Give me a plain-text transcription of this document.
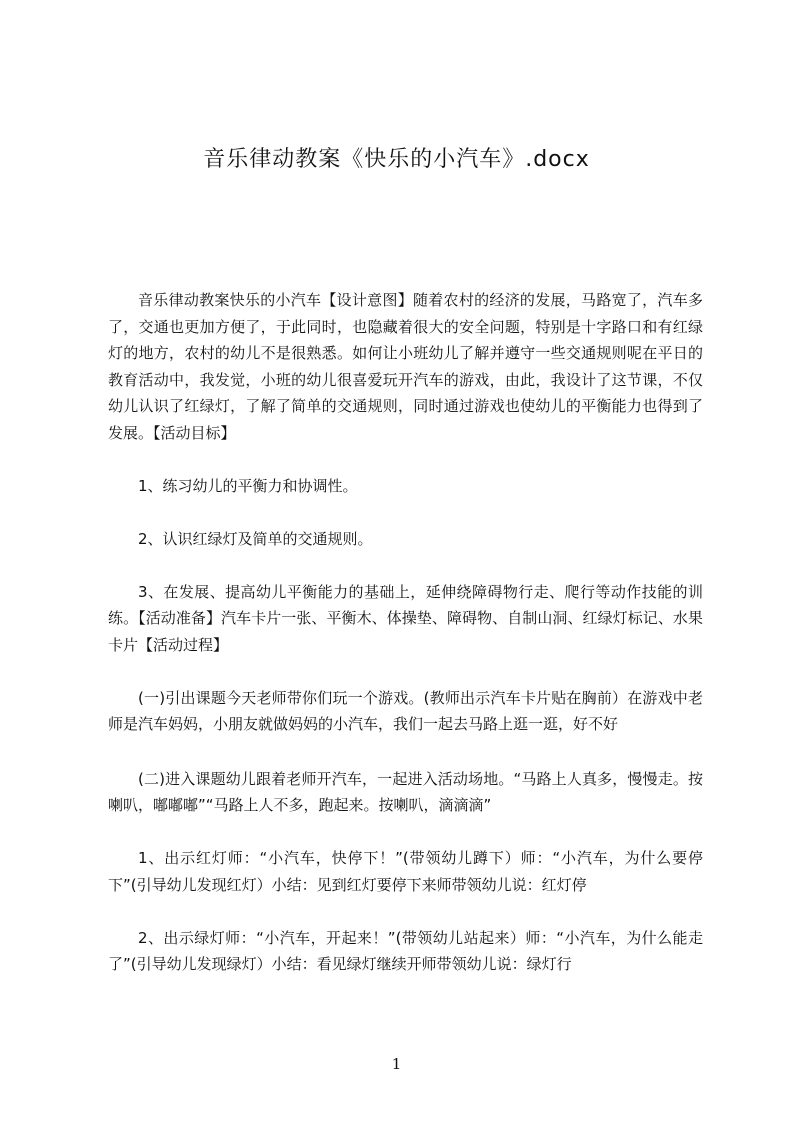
音乐律动教案《快乐的小汽车》.docx

音乐律动教案快乐的小汽车【设计意图】随着农村的经济的发展，马路宽了，汽车多了，交通也更加方便了，于此同时，也隐藏着很大的安全问题，特别是十字路口和有红绿灯的地方，农村的幼儿不是很熟悉。如何让小班幼儿了解并遵守一些交通规则呢在平日的教育活动中，我发觉，小班的幼儿很喜爱玩开汽车的游戏，由此，我设计了这节课，不仅幼儿认识了红绿灯，了解了简单的交通规则，同时通过游戏也使幼儿的平衡能力也得到了发展。【活动目标】

1、练习幼儿的平衡力和协调性。

2、认识红绿灯及简单的交通规则。

3、在发展、提高幼儿平衡能力的基础上，延伸绕障碍物行走、爬行等动作技能的训练。【活动准备】汽车卡片一张、平衡木、体操垫、障碍物、自制山洞、红绿灯标记、水果卡片【活动过程】

(一)引出课题今天老师带你们玩一个游戏。(教师出示汽车卡片贴在胸前）在游戏中老师是汽车妈妈，小朋友就做妈妈的小汽车，我们一起去马路上逛一逛，好不好

(二)进入课题幼儿跟着老师开汽车，一起进入活动场地。“马路上人真多，慢慢走。按喇叭，嘟嘟嘟”“马路上人不多，跑起来。按喇叭，滴滴滴”

1、出示红灯师：“小汽车，快停下！”(带领幼儿蹲下）师：“小汽车，为什么要停下”(引导幼儿发现红灯）小结：见到红灯要停下来师带领幼儿说：红灯停

2、出示绿灯师：“小汽车，开起来！”(带领幼儿站起来）师：“小汽车，为什么能走了”(引导幼儿发现绿灯）小结：看见绿灯继续开师带领幼儿说：绿灯行

1
